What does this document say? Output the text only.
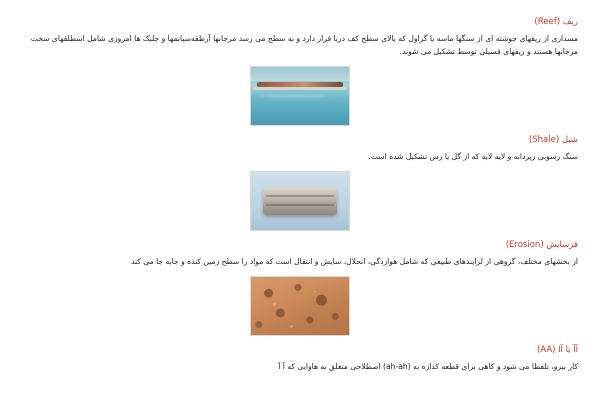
ریف (Reef)

مسداری از ریفهای جوشته ای از سنگها ماسه یا گراول که بالای سطح کف دریا قرار دارد و به سطح می رسد مرجانها آرطقه‌سیانمها و جلبک ها امروزی شامل اسطلقهای سخت مرجانها هستند و ریفهای قسیلی توسط تشکیل می شوند.

شیل (Shale)

سنگ رسوبی ریزدانه و لایه لایه که از گل یا رس تشکیل شده است.

فرسایش (Erosion)

از بخشهای مختلف، گروهی از لرایندهای طبیعی که شامل هوازدگی، انحلال، سایش و انتقال است که مواد را سطح زمین کنده و جابه جا می کند

آآ یا آا (AA)

کار بیرو، تلفظا می شود و کاهی برای قطعه کدازه به (ah-ah) اصطلاحی متعلق به هاوایی که آ آ
